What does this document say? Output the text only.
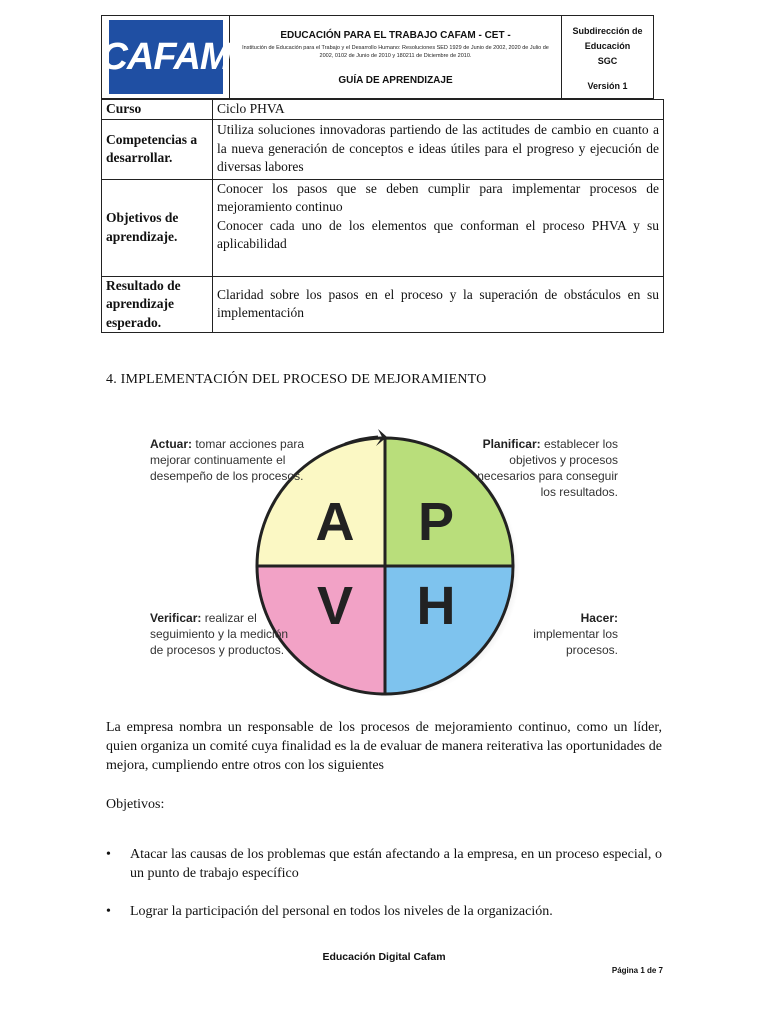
CAFAM	EDUCACIÓN PARA EL TRABAJO CAFAM - CET -
Institución de Educación para el Trabajo y el Desarrollo Humano: Resoluciones SED 1929 de Junio de 2002, 2020 de Julio de 2002, 0102 de Junio de 2010 y 180211 de Diciembre de 2010.
GUÍA DE APRENDIZAJE
Subdirección de
Educación
SGC
Versión 1
Curso	Ciclo PHVA
Competencias a desarrollar.	Utiliza soluciones innovadoras partiendo de las actitudes de cambio en cuanto a la nueva generación de conceptos e ideas útiles para el progreso y ejecución de diversas labores
Objetivos de aprendizaje.	Conocer los pasos que se deben cumplir para implementar procesos de mejoramiento continuo
Conocer cada uno de los elementos que conforman el proceso PHVA y su aplicabilidad
Resultado de aprendizaje esperado.	Claridad sobre los pasos en el proceso y la superación de obstáculos en su implementación
4. IMPLEMENTACIÓN DEL PROCESO DE MEJORAMIENTO
A P
V H
Actuar: tomar acciones para mejorar continuamente el desempeño de los procesos.
Planificar: establecer los objetivos y procesos necesarios para conseguir los resultados.
Verificar: realizar el seguimiento y la medición de procesos y productos.
Hacer: implementar los procesos.
La empresa nombra un responsable de los procesos de mejoramiento continuo, como un líder, quien organiza un comité cuya finalidad es la de evaluar de manera reiterativa las oportunidades de mejora, cumpliendo entre otros con los siguientes
Objetivos:
•	Atacar las causas de los problemas que están afectando a la empresa, en un proceso especial, o un punto de trabajo específico
•	Lograr la participación del personal en todos los niveles de la organización.
Educación Digital Cafam
Página 1 de 7
